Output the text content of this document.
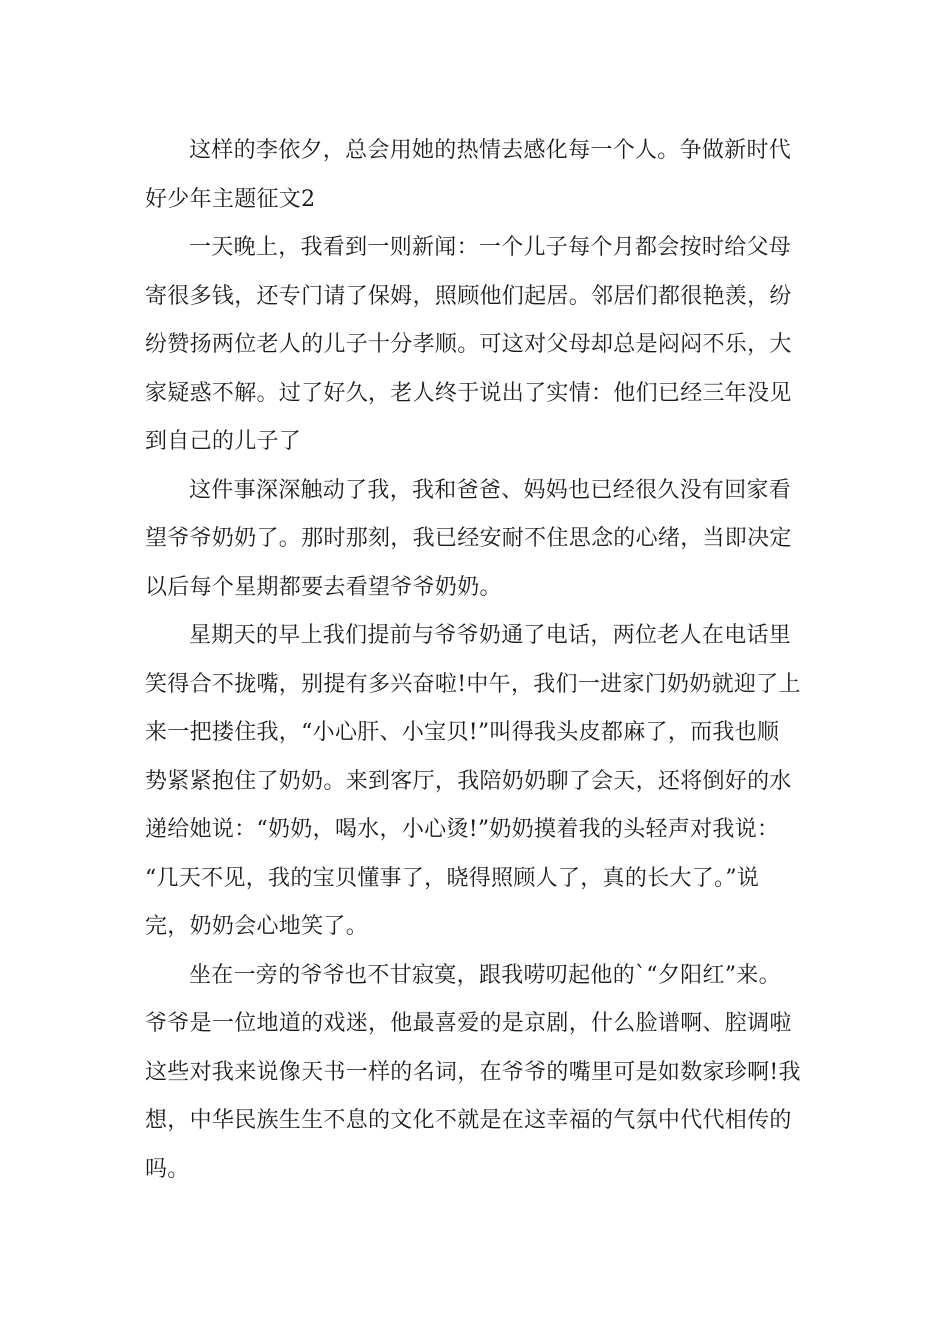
这样的李依夕，总会用她的热情去感化每一个人。争做新时代
好少年主题征文2

一天晚上，我看到一则新闻：一个儿子每个月都会按时给父母
寄很多钱，还专门请了保姆，照顾他们起居。邻居们都很艳羡，纷
纷赞扬两位老人的儿子十分孝顺。可这对父母却总是闷闷不乐，大
家疑惑不解。过了好久，老人终于说出了实情：他们已经三年没见
到自己的儿子了

这件事深深触动了我，我和爸爸、妈妈也已经很久没有回家看
望爷爷奶奶了。那时那刻，我已经安耐不住思念的心绪，当即决定
以后每个星期都要去看望爷爷奶奶。

星期天的早上我们提前与爷爷奶通了电话，两位老人在电话里
笑得合不拢嘴，别提有多兴奋啦!中午，我们一进家门奶奶就迎了上
来一把搂住我，“小心肝、小宝贝!”叫得我头皮都麻了，而我也顺
势紧紧抱住了奶奶。来到客厅，我陪奶奶聊了会天，还将倒好的水
递给她说：“奶奶，喝水，小心烫!”奶奶摸着我的头轻声对我说：
“几天不见，我的宝贝懂事了，晓得照顾人了，真的长大了。”说
完，奶奶会心地笑了。

坐在一旁的爷爷也不甘寂寞，跟我唠叨起他的`“夕阳红”来。
爷爷是一位地道的戏迷，他最喜爱的是京剧，什么脸谱啊、腔调啦
这些对我来说像天书一样的名词，在爷爷的嘴里可是如数家珍啊!我
想，中华民族生生不息的文化不就是在这幸福的气氛中代代相传的
吗。
